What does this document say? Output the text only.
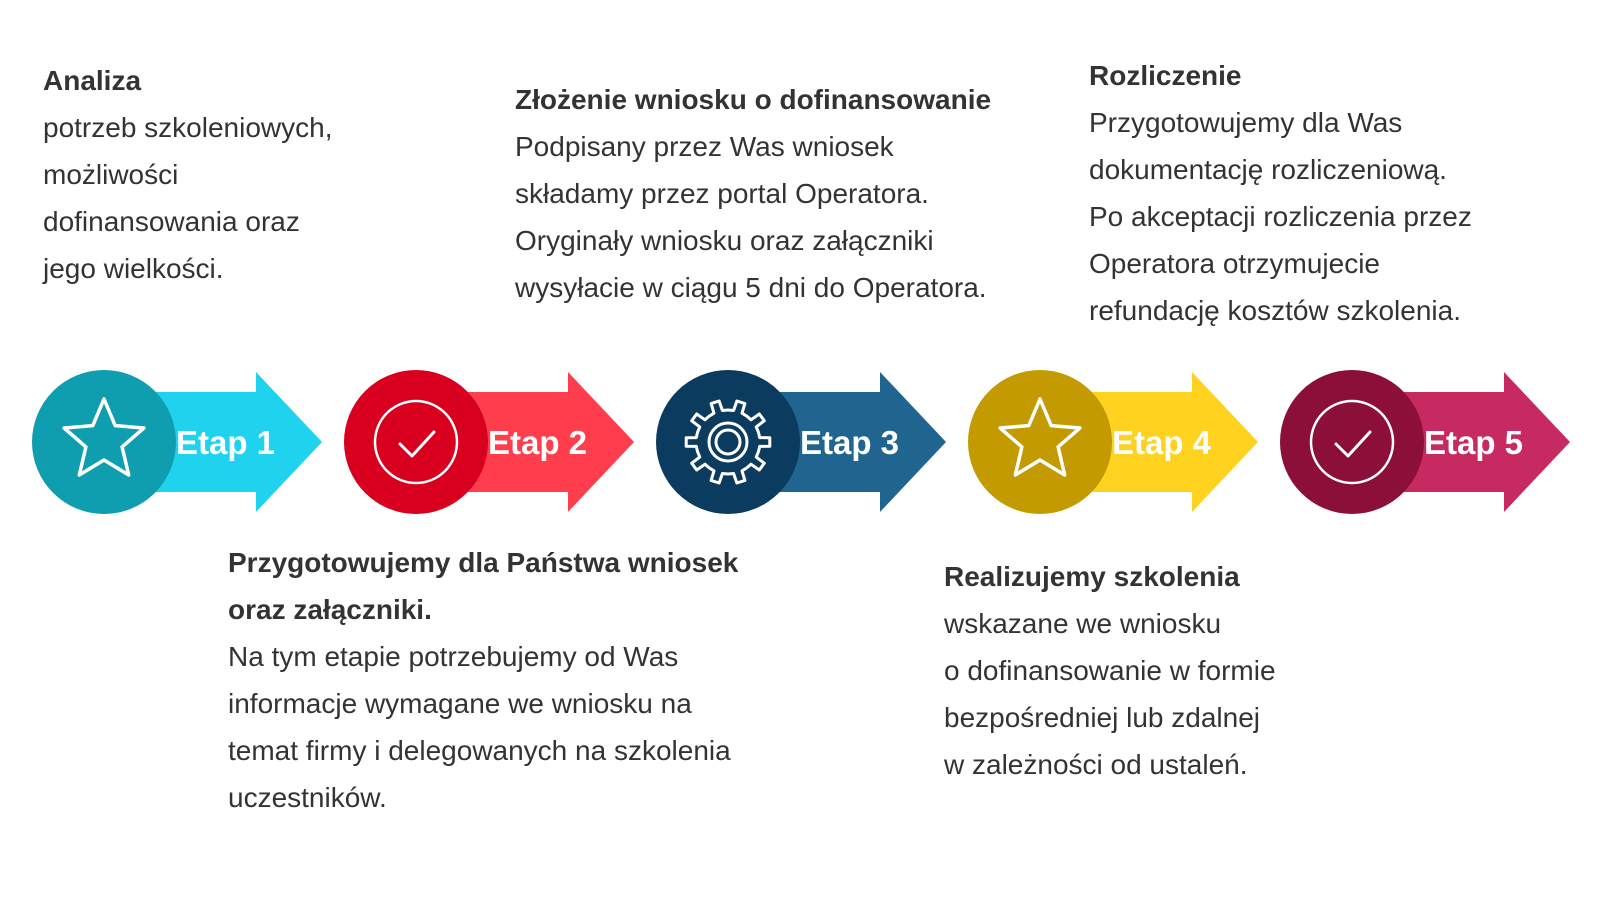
Analiza
potrzeb szkoleniowych,
możliwości
dofinansowania oraz
jego wielkości.
Złożenie wniosku o dofinansowanie
Podpisany przez Was wniosek
składamy przez portal Operatora.
Oryginały wniosku oraz załączniki
wysyłacie w ciągu 5 dni do Operatora.
Rozliczenie
Przygotowujemy dla Was
dokumentację rozliczeniową.
Po akceptacji rozliczenia przez
Operatora otrzymujecie
refundację kosztów szkolenia.
Przygotowujemy dla Państwa wniosek
oraz załączniki.
Na tym etapie potrzebujemy od Was
informacje wymagane we wniosku na
temat firmy i delegowanych na szkolenia
uczestników.
Realizujemy szkolenia
wskazane we wniosku
o dofinansowanie w formie
bezpośredniej lub zdalnej
w zależności od ustaleń.
Etap 1	Etap 2	Etap 3	Etap 4	Etap 5
